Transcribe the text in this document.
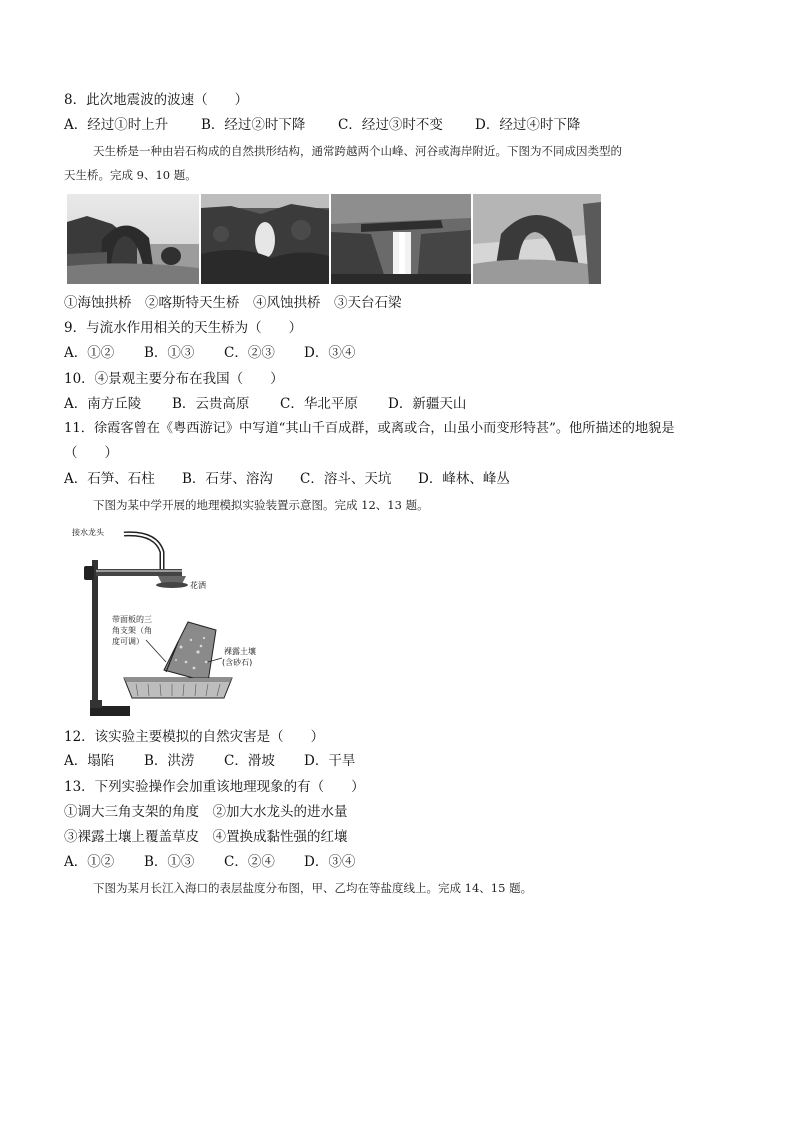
8．此次地震波的波速（　　）
A．经过①时上升 B．经过②时下降 C．经过③时不变 D．经过④时下降
天生桥是一种由岩石构成的自然拱形结构，通常跨越两个山峰、河谷或海岸附近。下图为不同成因类型的
天生桥。完成 9、10 题。
①海蚀拱桥　②喀斯特天生桥　④风蚀拱桥　③天台石梁
9．与流水作用相关的天生桥为（　　）
A．①② B．①③ C．②③ D．③④
10．④景观主要分布在我国（　　）
A．南方丘陵 B．云贵高原 C．华北平原 D．新疆天山
11．徐霞客曾在《粤西游记》中写道“其山千百成群，或离或合，山虽小而变形特甚”。他所描述的地貌是
（　　）
A．石笋、石柱 B．石芽、溶沟 C．溶斗、天坑 D．峰林、峰丛
下图为某中学开展的地理模拟实验装置示意图。完成 12、13 题。
接水龙头
花洒
带面板的三
角支架（角
度可调）
裸露土壤
(含砂石)
12．该实验主要模拟的自然灾害是（　　）
A．塌陷 B．洪涝 C．滑坡 D．干旱
13．下列实验操作会加重该地理现象的有（　　）
①调大三角支架的角度　②加大水龙头的进水量
③裸露土壤上覆盖草皮　④置换成黏性强的红壤
A．①② B．①③ C．②④ D．③④
下图为某月长江入海口的表层盐度分布图，甲、乙均在等盐度线上。完成 14、15 题。
